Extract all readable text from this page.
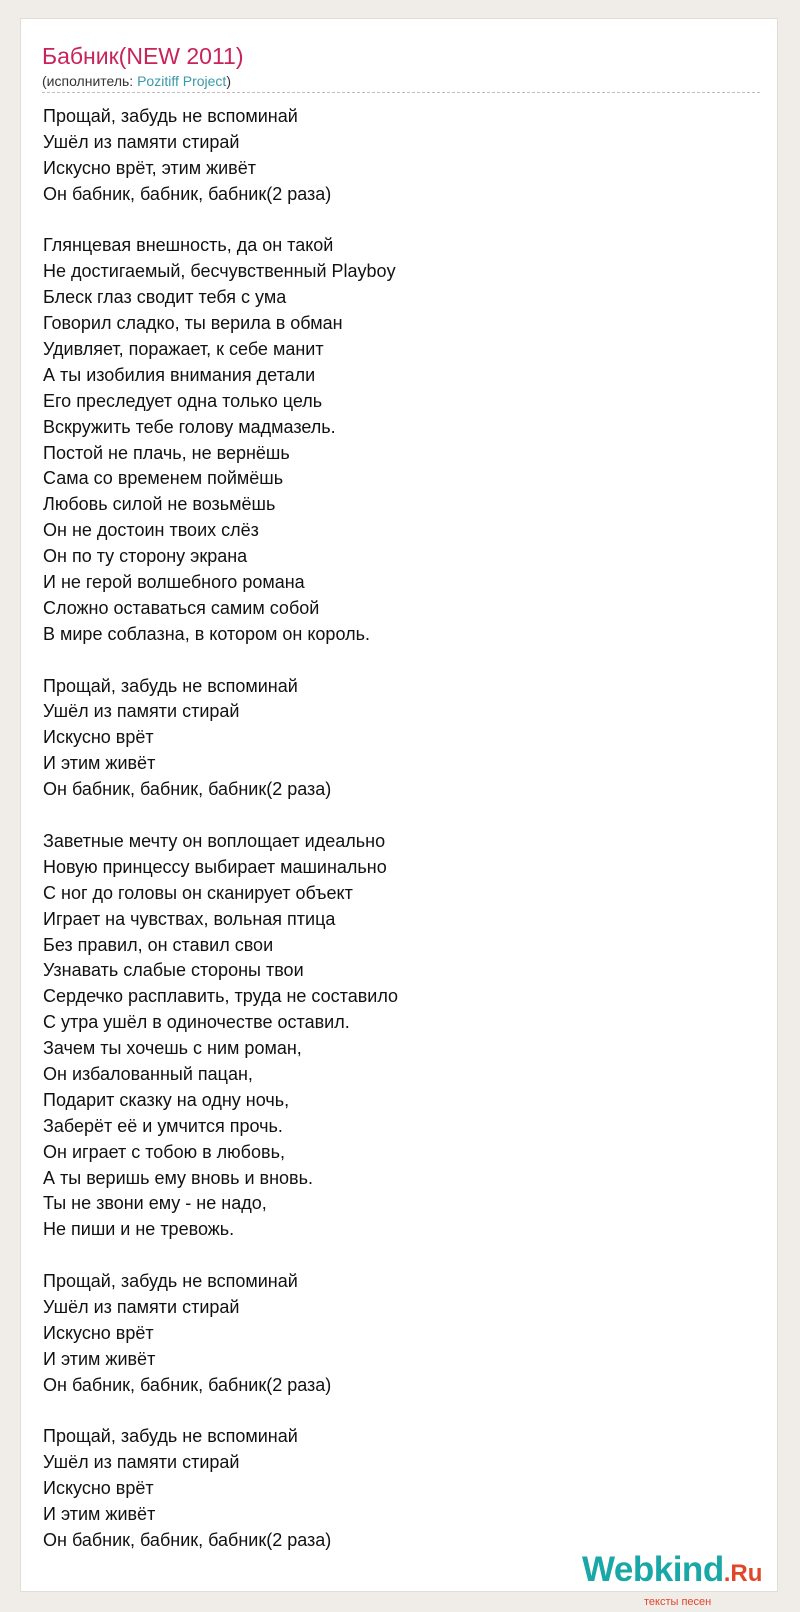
Бабник(NEW 2011)
(исполнитель: Pozitiff Project)
Прощай, забудь не вспоминай
Ушёл из памяти стирай
Искусно врёт, этим живёт
Он бабник, бабник, бабник(2 раза)
Глянцевая внешность, да он такой
Не достигаемый, бесчувственный Playboy
Блеск глаз сводит тебя с ума
Говорил сладко, ты верила в обман
Удивляет, поражает, к себе манит
А ты изобилия внимания детали
Его преследует одна только цель
Вскружить тебе голову мадмазель.
Постой не плачь, не вернёшь
Сама со временем поймёшь
Любовь силой не возьмёшь
Он не достоин твоих слёз
Он по ту сторону экрана
И не герой волшебного романа
Сложно оставаться самим собой
В мире соблазна, в котором он король.
Прощай, забудь не вспоминай
Ушёл из памяти стирай
Искусно врёт
И этим живёт
Он бабник, бабник, бабник(2 раза)
Заветные мечту он воплощает идеально
Новую принцессу выбирает машинально
С ног до головы он сканирует объект
Играет на чувствах, вольная птица
Без правил, он ставил свои
Узнавать слабые стороны твои
Сердечко расплавить, труда не составило
С утра ушёл в одиночестве оставил.
Зачем ты хочешь с ним роман,
Он избалованный пацан,
Подарит сказку на одну ночь,
Заберёт её и умчится прочь.
Он играет с тобою в любовь,
А ты веришь ему вновь и вновь.
Ты не звони ему - не надо,
Не пиши и не тревожь.
Прощай, забудь не вспоминай
Ушёл из памяти стирай
Искусно врёт
И этим живёт
Он бабник, бабник, бабник(2 раза)
Прощай, забудь не вспоминай
Ушёл из памяти стирай
Искусно врёт
И этим живёт
Он бабник, бабник, бабник(2 раза)
Webkind.Ru
тексты песен
